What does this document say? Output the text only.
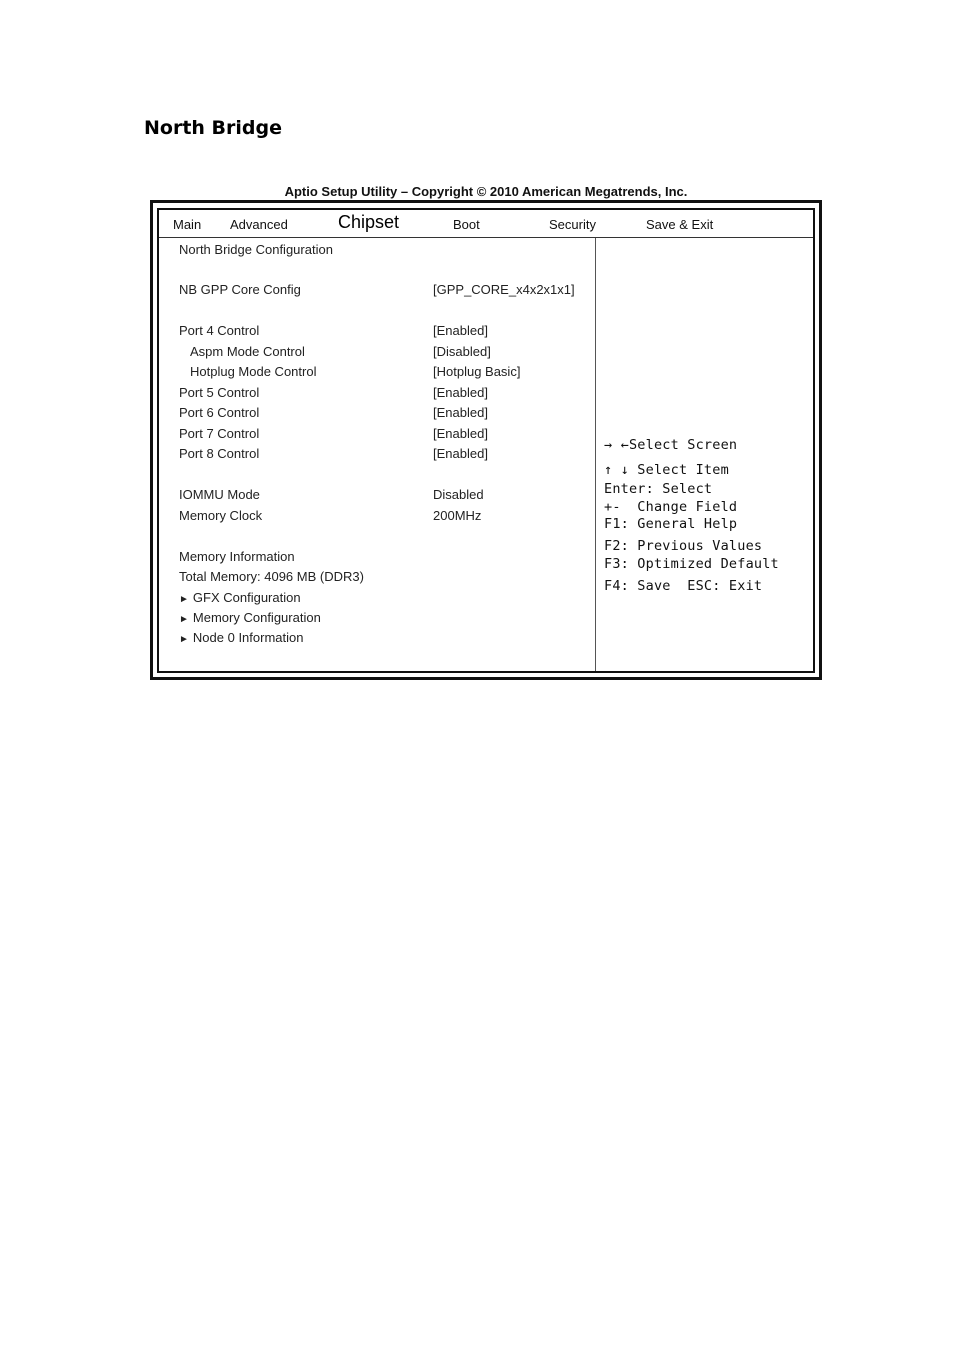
North Bridge
Aptio Setup Utility – Copyright © 2010 American Megatrends, Inc.
Main Advanced	Chipset	Boot	Security	Save & Exit
North Bridge Configuration
NB GPP Core Config	[GPP_CORE_x4x2x1x1]
Port 4 Control	[Enabled]
Aspm Mode Control	[Disabled]
Hotplug Mode Control	[Hotplug Basic]
Port 5 Control	[Enabled]
Port 6 Control	[Enabled]
Port 7 Control	[Enabled]
Port 8 Control	[Enabled]
IOMMU Mode	Disabled
Memory Clock	200MHz
Memory Information
Total Memory: 4096 MB (DDR3)
► GFX Configuration
► Memory Configuration
► Node 0 Information
→ ←Select Screen
↑ ↓ Select Item
Enter: Select
+-  Change Field
F1: General Help
F2: Previous Values
F3: Optimized Default
F4: Save  ESC: Exit
